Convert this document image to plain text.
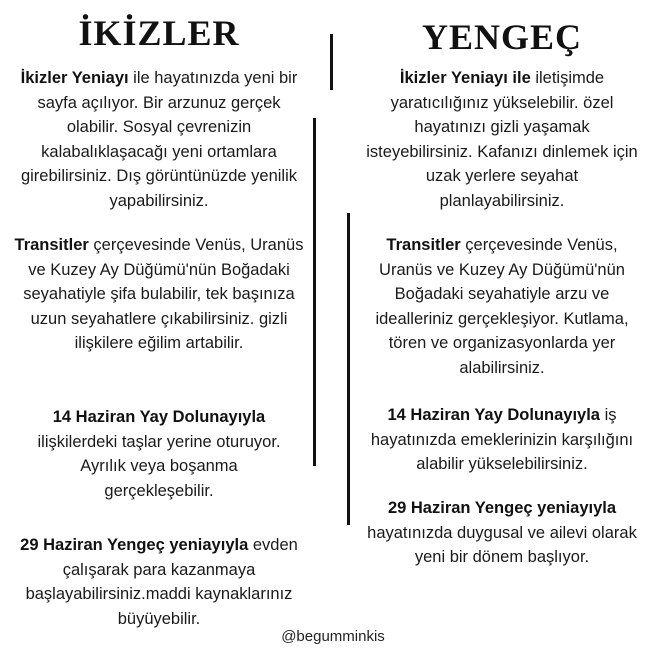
İKİZLER
İkizler Yeniayı ile hayatınızda yeni bir sayfa açılıyor. Bir arzunuz gerçek olabilir. Sosyal çevrenizin kalabalıklaşacağı yeni ortamlara girebilirsiniz. Dış görüntünüzde yenilik yapabilirsiniz.
Transitler çerçevesinde Venüs, Uranüs ve Kuzey Ay Düğümü'nün Boğadaki seyahatiyle şifa bulabilir, tek başınıza uzun seyahatlere çıkabilirsiniz. gizli ilişkilere eğilim artabilir.
14 Haziran Yay Dolunayıyla ilişkilerdeki taşlar yerine oturuyor. Ayrılık veya boşanma gerçekleşebilir.
29 Haziran Yengeç yeniayıyla evden çalışarak para kazanmaya başlayabilirsiniz.maddi kaynaklarınız büyüyebilir.
YENGEÇ
İkizler Yeniayı ile iletişimde yaratıcılığınız yükselebilir. özel hayatınızı gizli yaşamak isteyebilirsiniz. Kafanızı dinlemek için uzak yerlere seyahat planlayabilirsiniz.
Transitler çerçevesinde Venüs, Uranüs ve Kuzey Ay Düğümü'nün Boğadaki seyahatiyle arzu ve idealleriniz gerçekleşiyor. Kutlama, tören ve organizasyonlarda yer alabilirsiniz.
14 Haziran Yay Dolunayıyla iş hayatınızda emeklerinizin karşılığını alabilir yükselebilirsiniz.
29 Haziran Yengeç yeniayıyla hayatınızda duygusal ve ailevi olarak yeni bir dönem başlıyor.
@begumminkis
